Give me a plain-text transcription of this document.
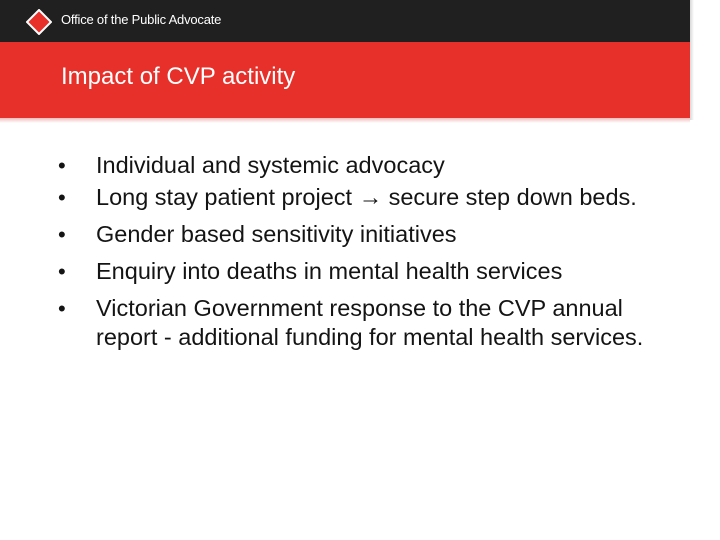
Office of the Public Advocate
Impact of CVP activity
• Individual and systemic advocacy
• Long stay patient project → secure step down beds.
• Gender based sensitivity initiatives
• Enquiry into deaths in mental health services
• Victorian Government response to the CVP annual report - additional funding for mental health services.
